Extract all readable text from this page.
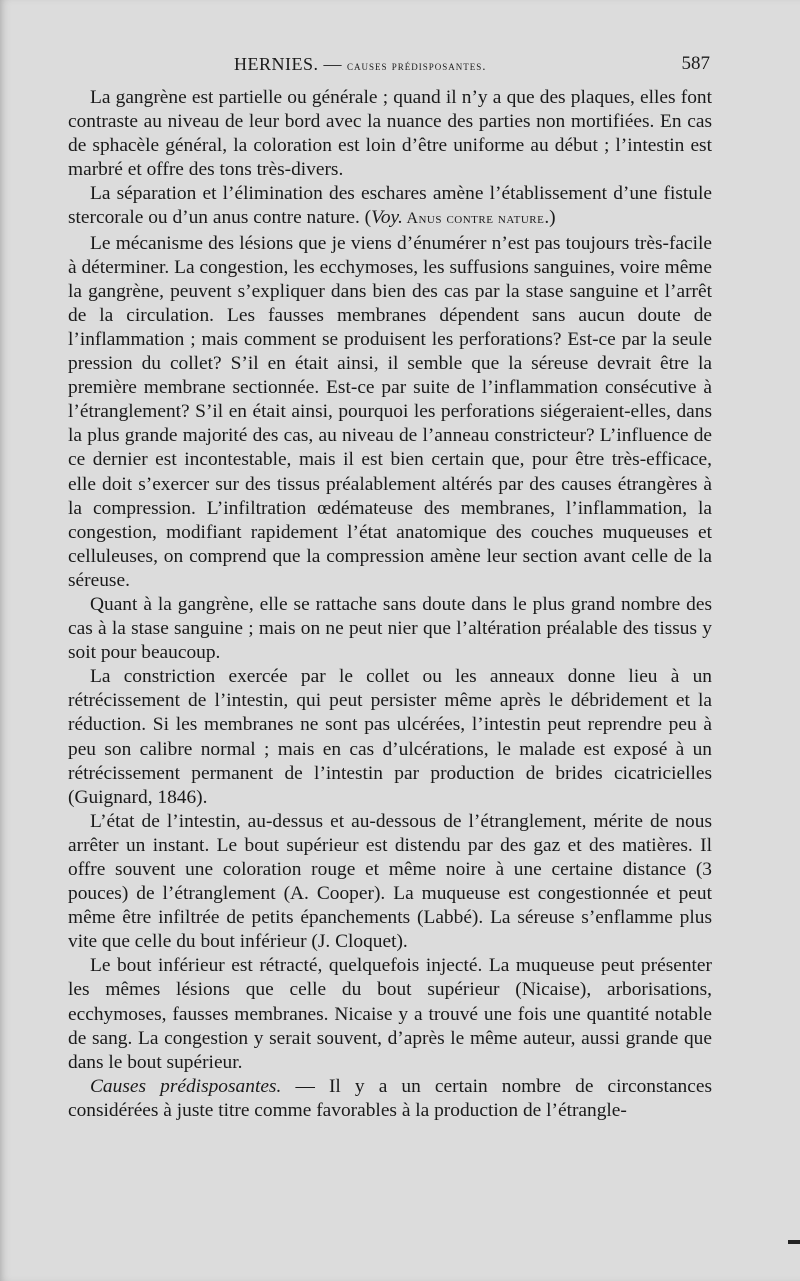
HERNIES. — causes prédisposantes.	587

La gangrène est partielle ou générale ; quand il n’y a que des plaques, elles font contraste au niveau de leur bord avec la nuance des parties non mortifiées. En cas de sphacèle général, la coloration est loin d’être uniforme au début ; l’intestin est marbré et offre des tons très-divers.

La séparation et l’élimination des eschares amène l’établissement d’une fistule stercorale ou d’un anus contre nature. (Voy. Anus contre nature.)

Le mécanisme des lésions que je viens d’énumérer n’est pas toujours très-facile à déterminer. La congestion, les ecchymoses, les suffusions sanguines, voire même la gangrène, peuvent s’expliquer dans bien des cas par la stase sanguine et l’arrêt de la circulation. Les fausses membranes dépendent sans aucun doute de l’inflammation ; mais comment se produisent les perforations? Est-ce par la seule pression du collet? S’il en était ainsi, il semble que la séreuse devrait être la première membrane sectionnée. Est-ce par suite de l’inflammation consécutive à l’étranglement? S’il en était ainsi, pourquoi les perforations siégeraient-elles, dans la plus grande majorité des cas, au niveau de l’anneau constricteur? L’influence de ce dernier est incontestable, mais il est bien certain que, pour être très-efficace, elle doit s’exercer sur des tissus préalablement altérés par des causes étrangères à la compression. L’infiltration œdémateuse des membranes, l’inflammation, la congestion, modifiant rapidement l’état anatomique des couches muqueuses et celluleuses, on comprend que la compression amène leur section avant celle de la séreuse.

Quant à la gangrène, elle se rattache sans doute dans le plus grand nombre des cas à la stase sanguine ; mais on ne peut nier que l’altération préalable des tissus y soit pour beaucoup.

La constriction exercée par le collet ou les anneaux donne lieu à un rétrécissement de l’intestin, qui peut persister même après le débridement et la réduction. Si les membranes ne sont pas ulcérées, l’intestin peut reprendre peu à peu son calibre normal ; mais en cas d’ulcérations, le malade est exposé à un rétrécissement permanent de l’intestin par production de brides cicatricielles (Guignard, 1846).

L’état de l’intestin, au-dessus et au-dessous de l’étranglement, mérite de nous arrêter un instant. Le bout supérieur est distendu par des gaz et des matières. Il offre souvent une coloration rouge et même noire à une certaine distance (3 pouces) de l’étranglement (A. Cooper). La muqueuse est congestionnée et peut même être infiltrée de petits épanchements (Labbé). La séreuse s’enflamme plus vite que celle du bout inférieur (J. Cloquet).

Le bout inférieur est rétracté, quelquefois injecté. La muqueuse peut présenter les mêmes lésions que celle du bout supérieur (Nicaise), arborisations, ecchymoses, fausses membranes. Nicaise y a trouvé une fois une quantité notable de sang. La congestion y serait souvent, d’après le même auteur, aussi grande que dans le bout supérieur.

Causes prédisposantes. — Il y a un certain nombre de circonstances considérées à juste titre comme favorables à la production de l’étrangle-
